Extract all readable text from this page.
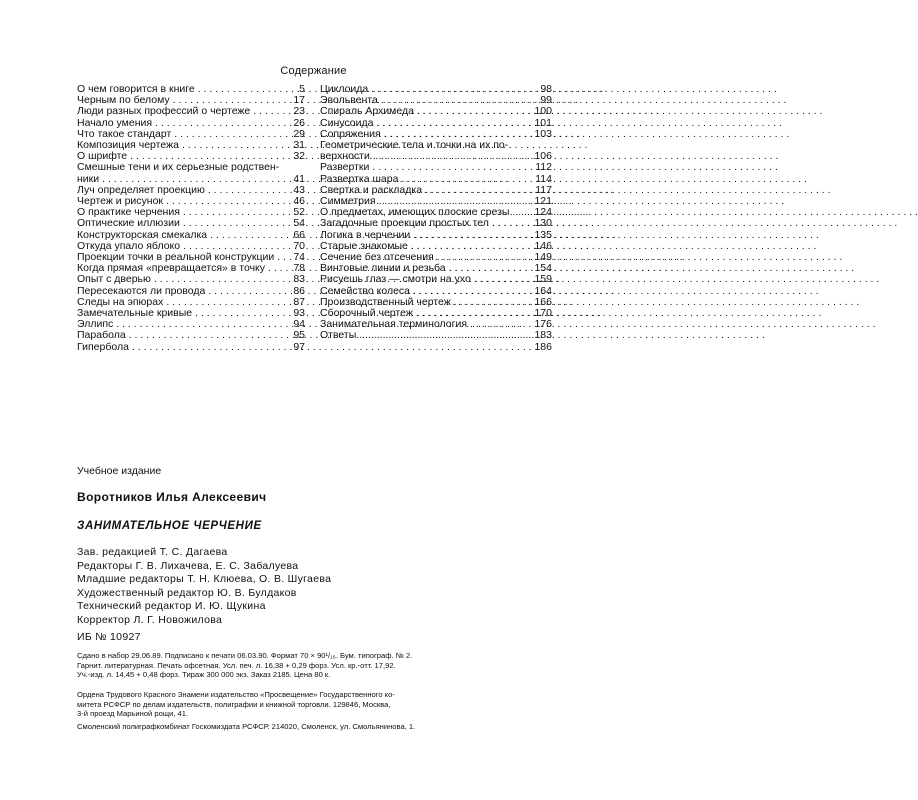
Содержание
О чем говорится в книге . . .	5
Черным по белому . . .	17
Люди разных профессий о чертеже . . .	23
Начало умения . . .	26
Что такое стандарт . . .	29
Композиция чертежа . . .	31
О шрифте . . .	32
Смешные тени и их серьезные родствен-
ники . . .	41
Луч определяет проекцию . . .	43
Чертеж и рисунок . . .	46
О практике черчения . . .	52
Оптические иллюзии . . .	54
Конструкторская смекалка . . .	66
Откуда упало яблоко . . .	70
Проекции точки в реальной конструкции . . . 74
Когда прямая «превращается» в точку . . .	78
Опыт с дверью . . .	83
Пересекаются ли провода . . .	86
Следы на эпюрах . . .	87
Замечательные кривые . . .	93
Эллипс . . .	94
Парабола . . .	95
Гипербола . . .	97
Циклоида . . .	98
Эвольвента . . .	99
Спираль Архимеда . . .	100
Синусоида . . .	101
Сопряжения . . .	103
Геометрические тела и точки на их по-
верхности . . .	106
Развертки . . .	112
Развертка шара . . .	114
Свертка и раскладка . . .	117
Симметрия . . .	121
О предметах, имеющих плоские срезы . . . 124
Загадочные проекции простых тел . . .	130
Логика в черчении . . .	135
Старые знакомые . . .	146
Сечение без отсечения . . .	149
Винтовые линии и резьба . . .	154
Рисуешь глаз — смотри на ухо . . .	159
Семейство колеса . . .	164
Производственный чертеж . . .	166
Сборочный чертеж . . .	170
Занимательная терминология . . .	176
Ответы . . .	183
186
Учебное издание
Воротников Илья Алексеевич
ЗАНИМАТЕЛЬНОЕ ЧЕРЧЕНИЕ
Зав. редакцией Т. С. Дагаева
Редакторы Г. В. Лихачева, Е. С. Забалуева
Младшие редакторы Т. Н. Клюева, О. В. Шугаева
Художественный редактор Ю. В. Булдаков
Технический редактор И. Ю. Щукина
Корректор Л. Г. Новожилова
ИБ № 10927
Сдано в набор 29.06.89. Подписано к печати 06.03.90. Формат 70 × 90¹/₁₆. Бум. типограф. № 2.
Гарнит. литературная. Печать офсетная. Усл. печ. л. 16,38 + 0,29 форз. Усл. кр.-отт. 17,92.
Уч.-изд. л. 14,45 + 0,48 форз. Тираж 300 000 экз. Заказ 2185. Цена 80 к.
Ордена Трудового Красного Знамени издательство «Просвещение» Государственного ко-
митета РСФСР по делам издательств, полиграфии и книжной торговли. 129846, Москва,
3-й проезд Марьиной рощи, 41.
Смоленский полиграфкомбинат Госкомиздата РСФСР. 214020, Смоленск, ул. Смольянинова, 1.
